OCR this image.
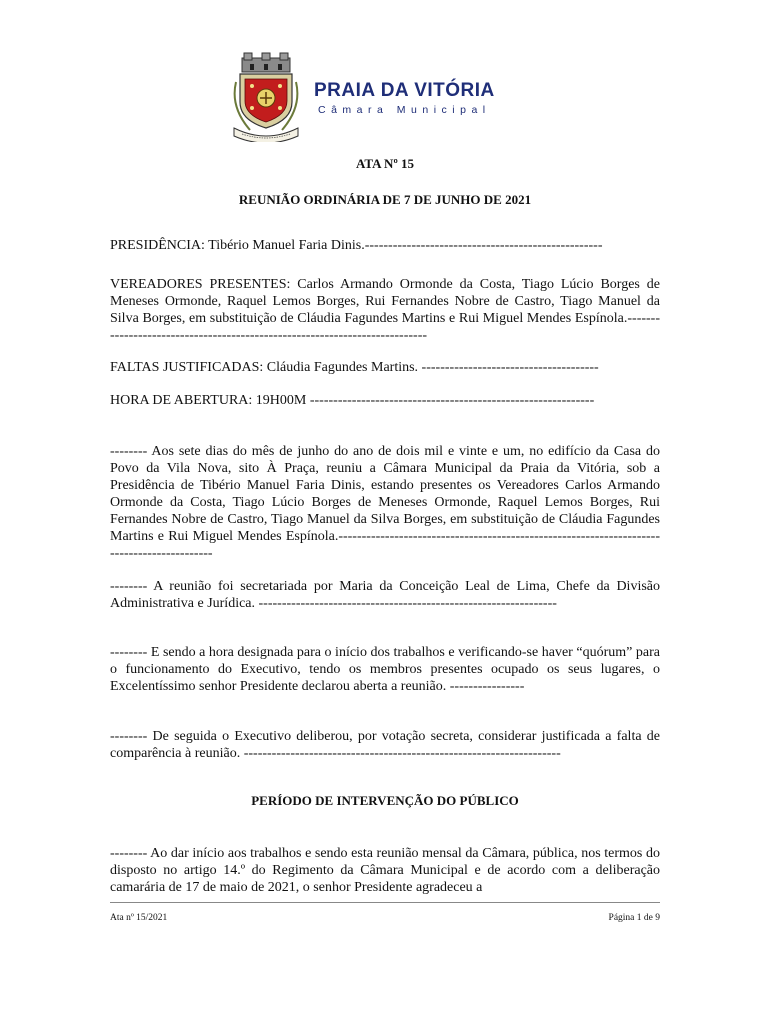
PRAIA DA VITÓRIA
Câmara Municipal
ATA Nº 15
REUNIÃO ORDINÁRIA DE 7 DE JUNHO DE 2021
PRESIDÊNCIA: Tibério Manuel Faria Dinis.---------------------------------------------------
VEREADORES PRESENTES: Carlos Armando Ormonde da Costa, Tiago Lúcio Borges de Meneses Ormonde, Raquel Lemos Borges, Rui Fernandes Nobre de Castro, Tiago Manuel da Silva Borges, em substituição de Cláudia Fagundes Martins e Rui Miguel Mendes Espínola.---------------------------------------------------------------------------
FALTAS JUSTIFICADAS: Cláudia Fagundes Martins. --------------------------------------
HORA DE ABERTURA: 19H00M -------------------------------------------------------------
-------- Aos sete dias do mês de junho do ano de dois mil e vinte e um, no edifício da Casa do Povo da Vila Nova, sito À Praça, reuniu a Câmara Municipal da Praia da Vitória, sob a Presidência de Tibério Manuel Faria Dinis, estando presentes os Vereadores Carlos Armando Ormonde da Costa, Tiago Lúcio Borges de Meneses Ormonde, Raquel Lemos Borges, Rui Fernandes Nobre de Castro, Tiago Manuel da Silva Borges, em substituição de Cláudia Fagundes Martins e Rui Miguel Mendes Espínola.-------------------------------------------------------------------------------------------
-------- A reunião foi secretariada por Maria da Conceição Leal de Lima, Chefe da Divisão Administrativa e Jurídica. ----------------------------------------------------------------
-------- E sendo a hora designada para o início dos trabalhos e verificando-se haver “quórum” para o funcionamento do Executivo, tendo os membros presentes ocupado os seus lugares, o Excelentíssimo senhor Presidente declarou aberta a reunião. ----------------
-------- De seguida o Executivo deliberou, por votação secreta, considerar justificada a falta de comparência à reunião. --------------------------------------------------------------------
PERÍODO DE INTERVENÇÃO DO PÚBLICO
-------- Ao dar início aos trabalhos e sendo esta reunião mensal da Câmara, pública, nos termos do disposto no artigo 14.º do Regimento da Câmara Municipal e de acordo com a deliberação camarária de 17 de maio de 2021, o senhor Presidente agradeceu a
Ata nº 15/2021	Página 1 de 9
